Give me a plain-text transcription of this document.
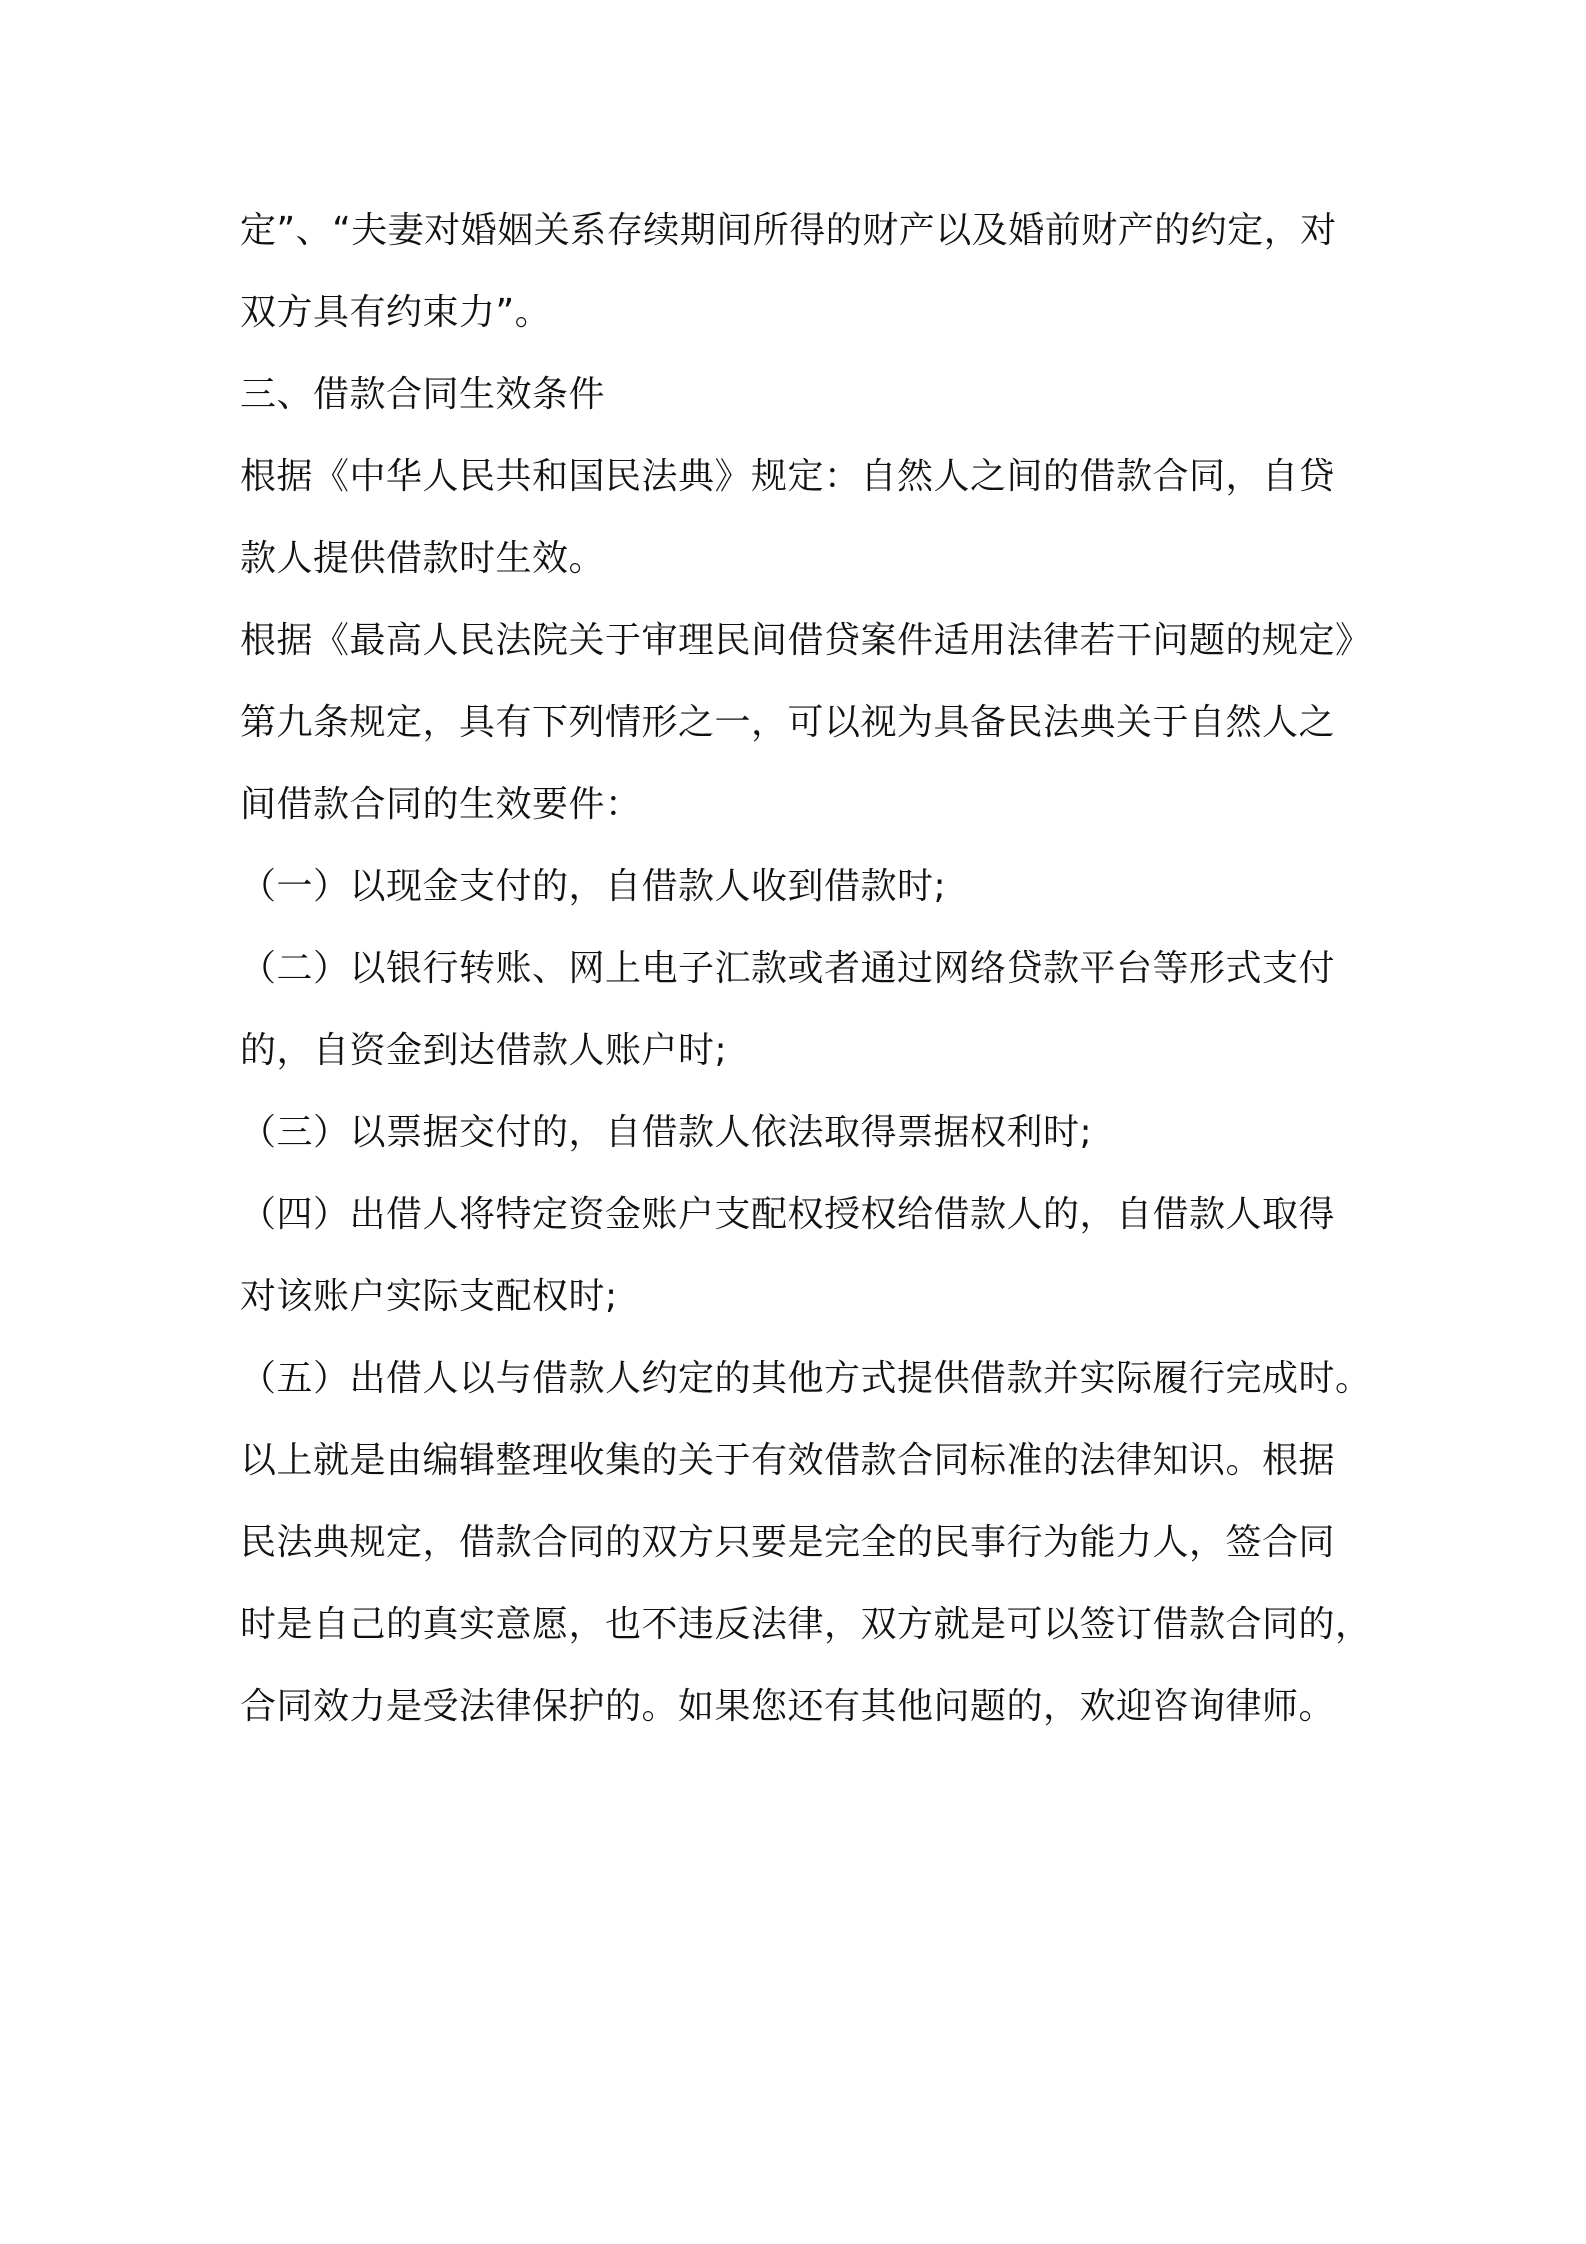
定”、“夫妻对婚姻关系存续期间所得的财产以及婚前财产的约定，对
双方具有约束力”。
三、借款合同生效条件
根据《中华人民共和国民法典》规定：自然人之间的借款合同，自贷
款人提供借款时生效。
根据《最高人民法院关于审理民间借贷案件适用法律若干问题的规定》
第九条规定，具有下列情形之一，可以视为具备民法典关于自然人之
间借款合同的生效要件：
（一）以现金支付的，自借款人收到借款时;
（二）以银行转账、网上电子汇款或者通过网络贷款平台等形式支付
的，自资金到达借款人账户时;
（三）以票据交付的，自借款人依法取得票据权利时;
（四）出借人将特定资金账户支配权授权给借款人的，自借款人取得
对该账户实际支配权时;
（五）出借人以与借款人约定的其他方式提供借款并实际履行完成时。
以上就是由编辑整理收集的关于有效借款合同标准的法律知识。根据
民法典规定，借款合同的双方只要是完全的民事行为能力人，签合同
时是自己的真实意愿，也不违反法律，双方就是可以签订借款合同的，
合同效力是受法律保护的。如果您还有其他问题的，欢迎咨询律师。
